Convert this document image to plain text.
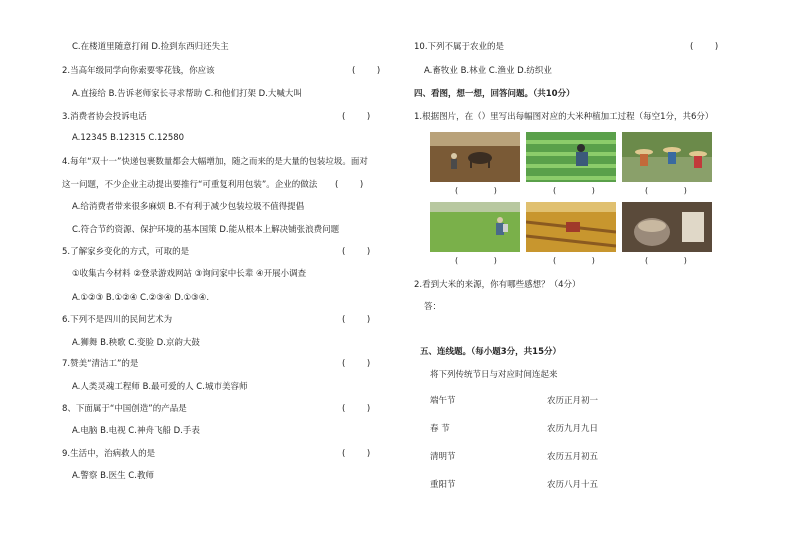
C.在楼道里随意打闹 D.捡到东西归还失主
2.当高年级同学向你索要零花钱，你应该	(        )
A.直接给 B.告诉老师家长寻求帮助 C.和他们打架 D.大喊大叫
3.消费者协会投诉电话	(        )
A.12345 B.12315 C.12580
4.每年“双十一”快递包裹数量都会大幅增加，随之而来的是大量的包装垃圾。面对
这一问题，不少企业主动提出要推行“可重复利用包装”。企业的做法 (        )
A.给消费者带来很多麻烦 B.不有利于减少包装垃圾不值得提倡
C.符合节约资源、保护环境的基本国策 D.能从根本上解决铺张浪费问题
5.了解家乡变化的方式，可取的是	(        )
①收集古今材料 ②登录游戏网站 ③询问家中长辈 ④开展小调查
A.①②③ B.①②④ C.②③④ D.①③④.
6.下列不是四川的民间艺术为	(        )
A.狮舞 B.秧歌 C.变脸 D.京韵大鼓
7.赞美“清洁工”的是	(        )
A.人类灵魂工程师 B.最可爱的人 C.城市美容师
8、下面属于“中国创造”的产品是	(        )
A.电脑 B.电视 C.神舟飞船 D.手表
9.生活中，治病救人的是	(        )
A.警察 B.医生 C.教师
10.下列不属于农业的是	(        )
A.畜牧业 B.林业 C.渔业 D.纺织业
四、看图，想一想，回答问题。（共10分）
1.根据图片，在（）里写出每幅图对应的大米种植加工过程（每空1分，共6分）
(              )	(              )	(              )
(              )	(              )	(              )
2.看到大米的来源，你有哪些感想？（4分）
答：
五、连线题。（每小题3分，共15分）
将下列传统节日与对应时间连起来
端午节	农历正月初一
春 节	农历九月九日
清明节	农历五月初五
重阳节	农历八月十五
